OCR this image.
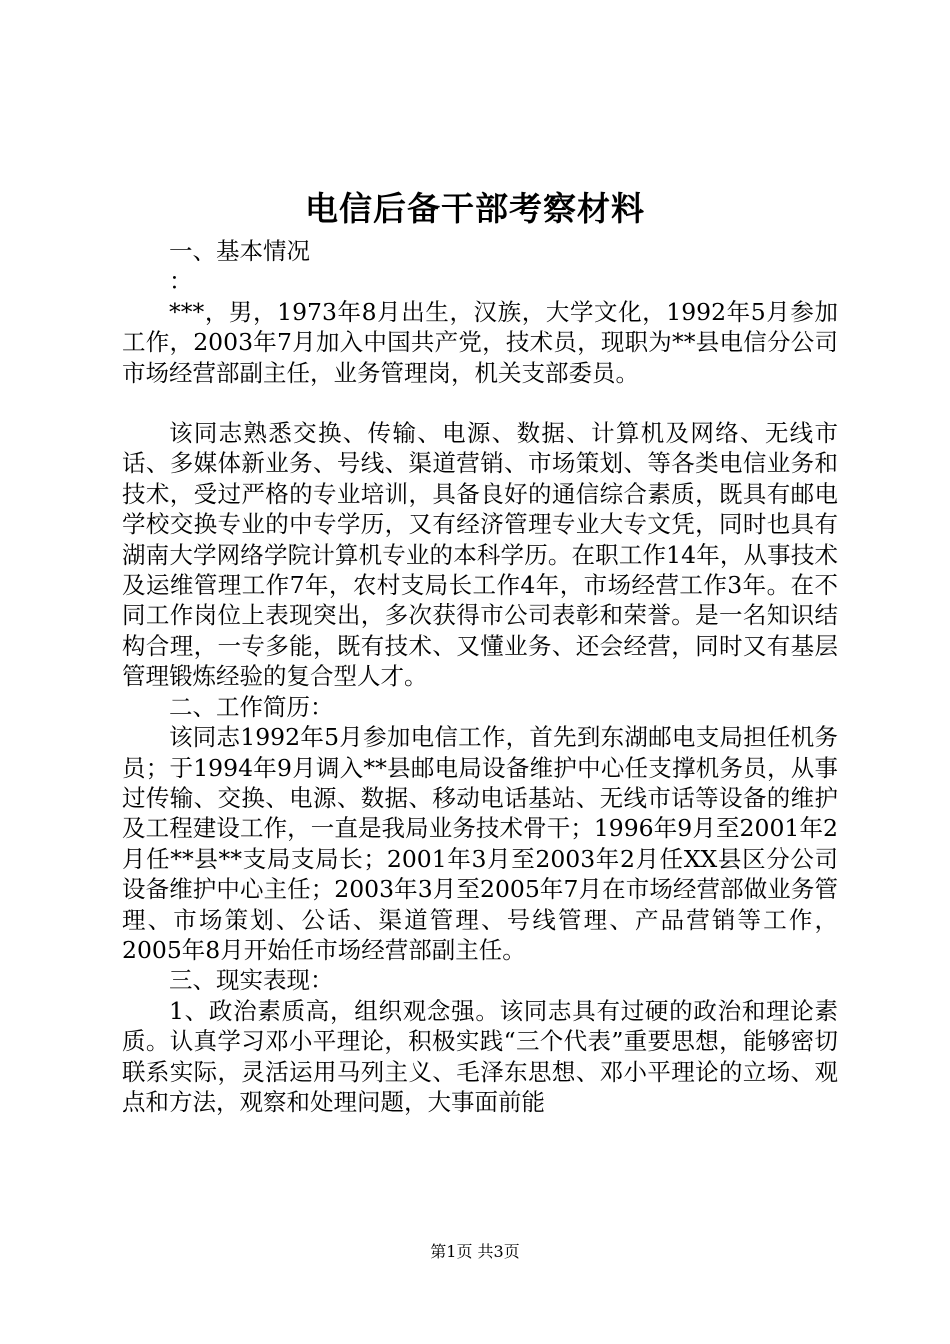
电信后备干部考察材料

一、基本情况

：

***，男，1973年8月出生，汉族，大学文化，1992年5月参加工作，2003年7月加入中国共产党，技术员，现职为**县电信分公司市场经营部副主任，业务管理岗，机关支部委员。

该同志熟悉交换、传输、电源、数据、计算机及网络、无线市话、多媒体新业务、号线、渠道营销、市场策划、等各类电信业务和技术，受过严格的专业培训，具备良好的通信综合素质，既具有邮电学校交换专业的中专学历，又有经济管理专业大专文凭，同时也具有湖南大学网络学院计算机专业的本科学历。在职工作14年，从事技术及运维管理工作7年，农村支局长工作4年，市场经营工作3年。在不同工作岗位上表现突出，多次获得市公司表彰和荣誉。是一名知识结构合理，一专多能，既有技术、又懂业务、还会经营，同时又有基层管理锻炼经验的复合型人才。

二、工作简历：

该同志1992年5月参加电信工作，首先到东湖邮电支局担任机务员；于1994年9月调入**县邮电局设备维护中心任支撑机务员，从事过传输、交换、电源、数据、移动电话基站、无线市话等设备的维护及工程建设工作，一直是我局业务技术骨干；1996年9月至2001年2月任**县**支局支局长；2001年3月至2003年2月任XX县区分公司设备维护中心主任；2003年3月至2005年7月在市场经营部做业务管理、市场策划、公话、渠道管理、号线管理、产品营销等工作，2005年8月开始任市场经营部副主任。

三、现实表现：

1、政治素质高，组织观念强。该同志具有过硬的政治和理论素质。认真学习邓小平理论，积极实践“三个代表”重要思想，能够密切联系实际，灵活运用马列主义、毛泽东思想、邓小平理论的立场、观点和方法，观察和处理问题，大事面前能

第1页 共3页
